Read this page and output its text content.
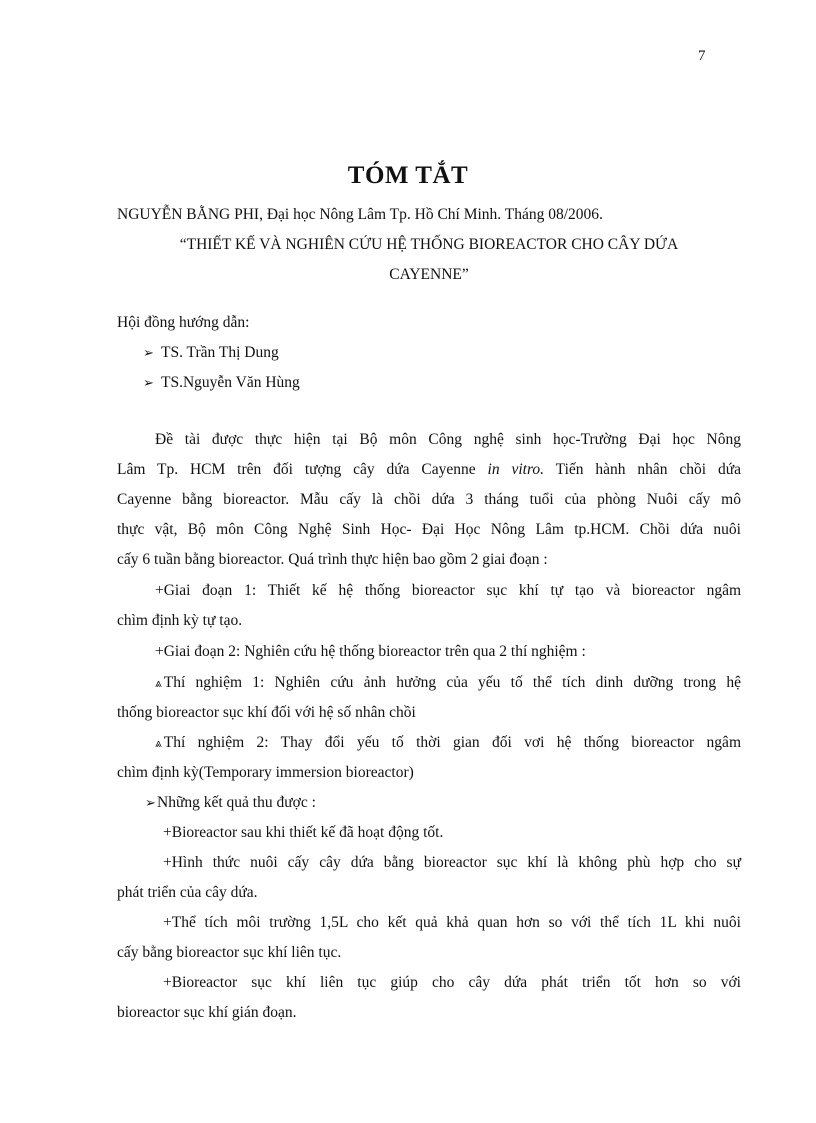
7
TÓM TẮT
NGUYỄN BẰNG PHI, Đại học Nông Lâm Tp. Hồ Chí Minh. Tháng 08/2006.
“THIẾT KẾ VÀ NGHIÊN CỨU HỆ THỐNG BIOREACTOR CHO CÂY DỨA
CAYENNE”
Hội đồng hướng dẫn:
➢ TS. Trần Thị Dung
➢ TS.Nguyễn Văn Hùng
Đề tài được thực hiện tại Bộ môn Công nghệ sinh học-Trường Đại học Nông
Lâm Tp. HCM trên đối tượng cây dứa Cayenne in vitro. Tiến hành nhân chồi dứa
Cayenne bằng bioreactor. Mẫu cấy là chồi dứa 3 tháng tuổi của phòng Nuôi cấy mô
thực vật, Bộ môn Công Nghệ Sinh Học- Đại Học Nông Lâm tp.HCM. Chồi dứa nuôi
cấy 6 tuần bằng bioreactor. Quá trình thực hiện bao gồm 2 giai đoạn :
+Giai đoạn 1: Thiết kế hệ thống bioreactor sục khí tự tạo và bioreactor ngâm
chìm định kỳ tự tạo.
+Giai đoạn 2: Nghiên cứu hệ thống bioreactor trên qua 2 thí nghiệm :
⩓ Thí nghiệm 1: Nghiên cứu ảnh hưởng của yếu tố thể tích dinh dưỡng trong hệ
thống bioreactor sục khí đối với hệ số nhân chồi
⩓ Thí nghiệm 2: Thay đổi yếu tố thời gian đối vơi hệ thống bioreactor ngâm
chìm định kỳ(Temporary immersion bioreactor)
➢Những kết quả thu được :
+Bioreactor sau khi thiết kế đã hoạt động tốt.
+Hình thức nuôi cấy cây dứa bằng bioreactor sục khí là không phù hợp cho sự
phát triển của cây dứa.
+Thể tích môi trường 1,5L cho kết quả khả quan hơn so với thể tích 1L khi nuôi
cấy bằng bioreactor sục khí liên tục.
+Bioreactor sục khí liên tục giúp cho cây dứa phát triển tốt hơn so với
bioreactor sục khí gián đoạn.
